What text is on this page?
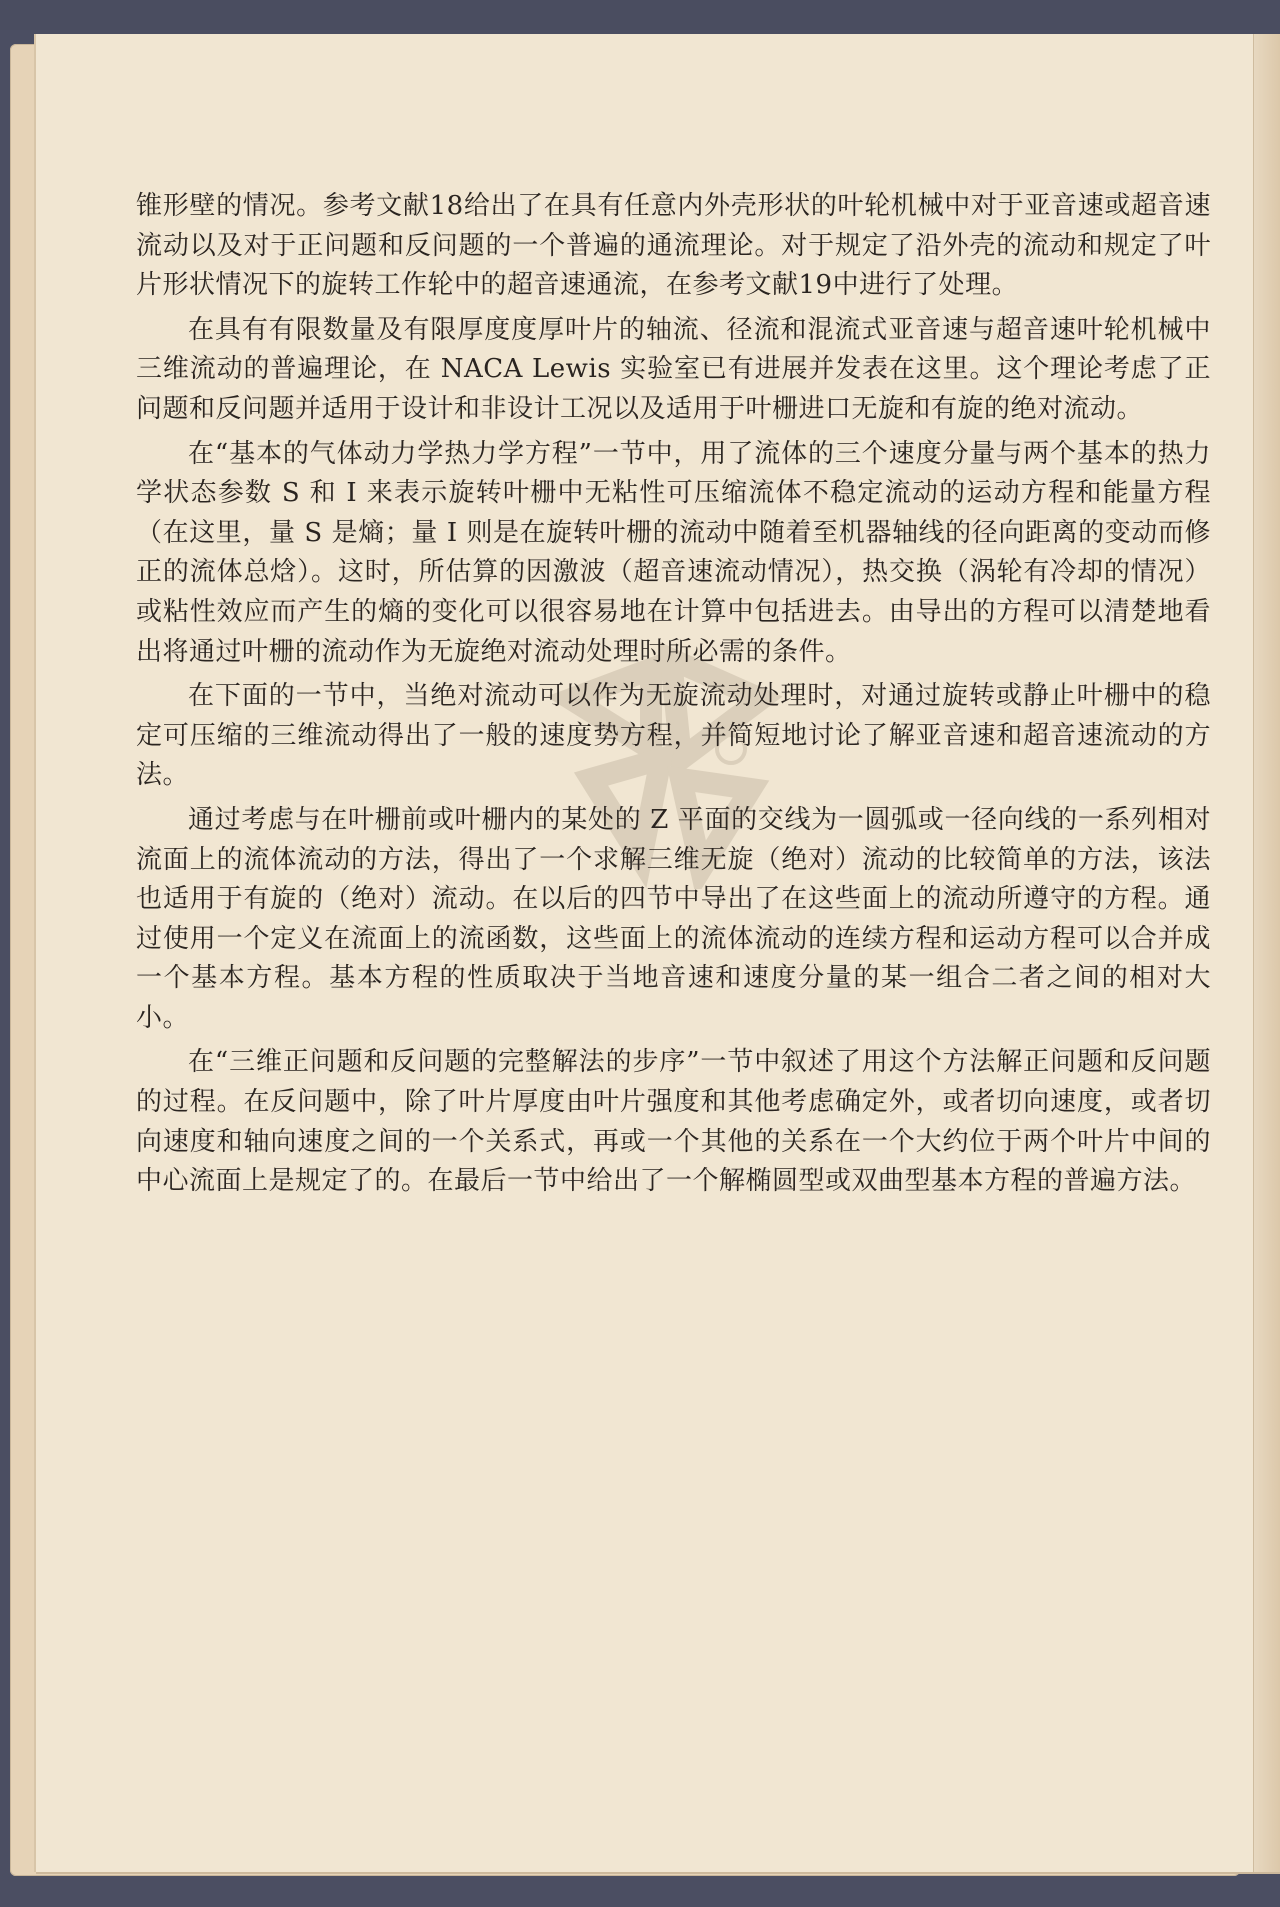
锥形壁的情况。参考文献18给出了在具有任意内外壳形状的叶轮机械中对于亚音速或超音速流动以及对于正问题和反问题的一个普遍的通流理论。对于规定了沿外壳的流动和规定了叶片形状情况下的旋转工作轮中的超音速通流，在参考文献19中进行了处理。

在具有有限数量及有限厚度度厚叶片的轴流、径流和混流式亚音速与超音速叶轮机械中三维流动的普遍理论，在 NACA Lewis 实验室已有进展并发表在这里。这个理论考虑了正问题和反问题并适用于设计和非设计工况以及适用于叶栅进口无旋和有旋的绝对流动。

在“基本的气体动力学热力学方程”一节中，用了流体的三个速度分量与两个基本的热力学状态参数 S 和 I 来表示旋转叶栅中无粘性可压缩流体不稳定流动的运动方程和能量方程（在这里，量 S 是熵；量 I 则是在旋转叶栅的流动中随着至机器轴线的径向距离的变动而修正的流体总焓）。这时，所估算的因激波（超音速流动情况），热交换（涡轮有冷却的情况）或粘性效应而产生的熵的变化可以很容易地在计算中包括进去。由导出的方程可以清楚地看出将通过叶栅的流动作为无旋绝对流动处理时所必需的条件。

在下面的一节中，当绝对流动可以作为无旋流动处理时，对通过旋转或静止叶栅中的稳定可压缩的三维流动得出了一般的速度势方程，并简短地讨论了解亚音速和超音速流动的方法。

通过考虑与在叶栅前或叶栅内的某处的 Z 平面的交线为一圆弧或一径向线的一系列相对流面上的流体流动的方法，得出了一个求解三维无旋（绝对）流动的比较简单的方法，该法也适用于有旋的（绝对）流动。在以后的四节中导出了在这些面上的流动所遵守的方程。通过使用一个定义在流面上的流函数，这些面上的流体流动的连续方程和运动方程可以合并成一个基本方程。基本方程的性质取决于当地音速和速度分量的某一组合二者之间的相对大小。

在“三维正问题和反问题的完整解法的步序”一节中叙述了用这个方法解正问题和反问题的过程。在反问题中，除了叶片厚度由叶片强度和其他考虑确定外，或者切向速度，或者切向速度和轴向速度之间的一个关系式，再或一个其他的关系在一个大约位于两个叶片中间的中心流面上是规定了的。在最后一节中给出了一个解椭圆型或双曲型基本方程的普遍方法。
